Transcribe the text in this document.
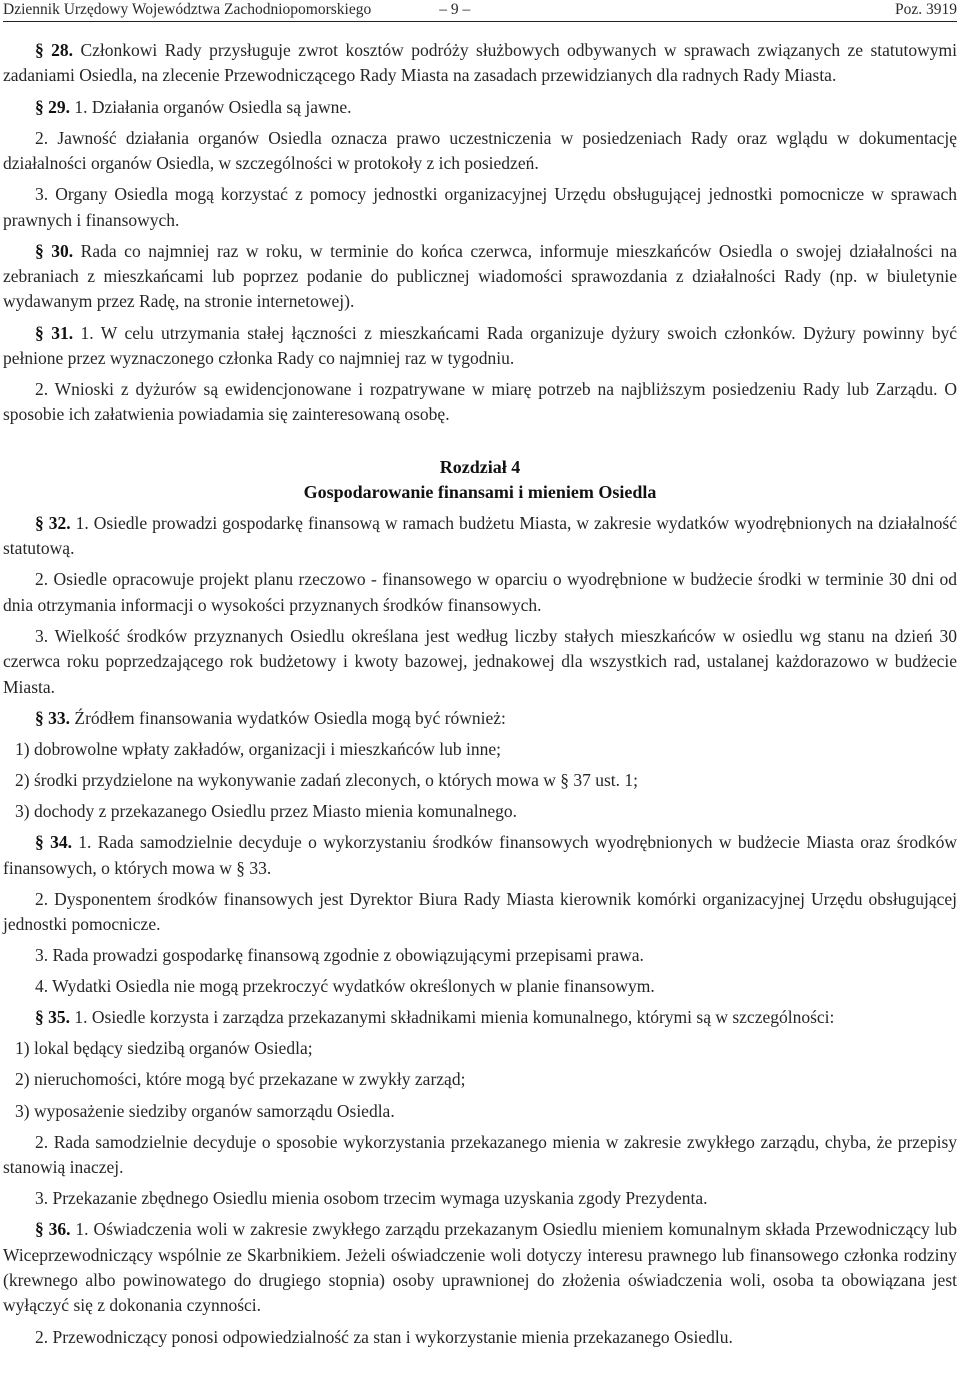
Dziennik Urzędowy Województwa Zachodniopomorskiego	– 9 –	Poz. 3919

§ 28. Członkowi Rady przysługuje zwrot kosztów podróży służbowych odbywanych w sprawach związanych ze statutowymi zadaniami Osiedla, na zlecenie Przewodniczącego Rady Miasta na zasadach przewidzianych dla radnych Rady Miasta.

§ 29. 1. Działania organów Osiedla są jawne.

2. Jawność działania organów Osiedla oznacza prawo uczestniczenia w posiedzeniach Rady oraz wglądu w dokumentację działalności organów Osiedla, w szczególności w protokoły z ich posiedzeń.

3. Organy Osiedla mogą korzystać z pomocy jednostki organizacyjnej Urzędu obsługującej jednostki pomocnicze w sprawach prawnych i finansowych.

§ 30. Rada co najmniej raz w roku, w terminie do końca czerwca, informuje mieszkańców Osiedla o swojej działalności na zebraniach z mieszkańcami lub poprzez podanie do publicznej wiadomości sprawozdania z działalności Rady (np. w biuletynie wydawanym przez Radę, na stronie internetowej).

§ 31. 1. W celu utrzymania stałej łączności z mieszkańcami Rada organizuje dyżury swoich członków. Dyżury powinny być pełnione przez wyznaczonego członka Rady co najmniej raz w tygodniu.

2. Wnioski z dyżurów są ewidencjonowane i rozpatrywane w miarę potrzeb na najbliższym posiedzeniu Rady lub Zarządu. O sposobie ich załatwienia powiadamia się zainteresowaną osobę.

Rozdział 4
Gospodarowanie finansami i mieniem Osiedla

§ 32. 1. Osiedle prowadzi gospodarkę finansową w ramach budżetu Miasta, w zakresie wydatków wyodrębnionych na działalność statutową.

2. Osiedle opracowuje projekt planu rzeczowo - finansowego w oparciu o wyodrębnione w budżecie środki w terminie 30 dni od dnia otrzymania informacji o wysokości przyznanych środków finansowych.

3. Wielkość środków przyznanych Osiedlu określana jest według liczby stałych mieszkańców w osiedlu wg stanu na dzień 30 czerwca roku poprzedzającego rok budżetowy i kwoty bazowej, jednakowej dla wszystkich rad, ustalanej każdorazowo w budżecie Miasta.

§ 33. Źródłem finansowania wydatków Osiedla mogą być również:

1) dobrowolne wpłaty zakładów, organizacji i mieszkańców lub inne;

2) środki przydzielone na wykonywanie zadań zleconych, o których mowa w § 37 ust. 1;

3) dochody z przekazanego Osiedlu przez Miasto mienia komunalnego.

§ 34. 1. Rada samodzielnie decyduje o wykorzystaniu środków finansowych wyodrębnionych w budżecie Miasta oraz środków finansowych, o których mowa w § 33.

2. Dysponentem środków finansowych jest Dyrektor Biura Rady Miasta kierownik komórki organizacyjnej Urzędu obsługującej jednostki pomocnicze.

3. Rada prowadzi gospodarkę finansową zgodnie z obowiązującymi przepisami prawa.

4. Wydatki Osiedla nie mogą przekroczyć wydatków określonych w planie finansowym.

§ 35. 1. Osiedle korzysta i zarządza przekazanymi składnikami mienia komunalnego, którymi są w szczególności:

1) lokal będący siedzibą organów Osiedla;

2) nieruchomości, które mogą być przekazane w zwykły zarząd;

3) wyposażenie siedziby organów samorządu Osiedla.

2. Rada samodzielnie decyduje o sposobie wykorzystania przekazanego mienia w zakresie zwykłego zarządu, chyba, że przepisy stanowią inaczej.

3. Przekazanie zbędnego Osiedlu mienia osobom trzecim wymaga uzyskania zgody Prezydenta.

§ 36. 1. Oświadczenia woli w zakresie zwykłego zarządu przekazanym Osiedlu mieniem komunalnym składa Przewodniczący lub Wiceprzewodniczący wspólnie ze Skarbnikiem. Jeżeli oświadczenie woli dotyczy interesu prawnego lub finansowego członka rodziny (krewnego albo powinowatego do drugiego stopnia) osoby uprawnionej do złożenia oświadczenia woli, osoba ta obowiązana jest wyłączyć się z dokonania czynności.

2. Przewodniczący ponosi odpowiedzialność za stan i wykorzystanie mienia przekazanego Osiedlu.
